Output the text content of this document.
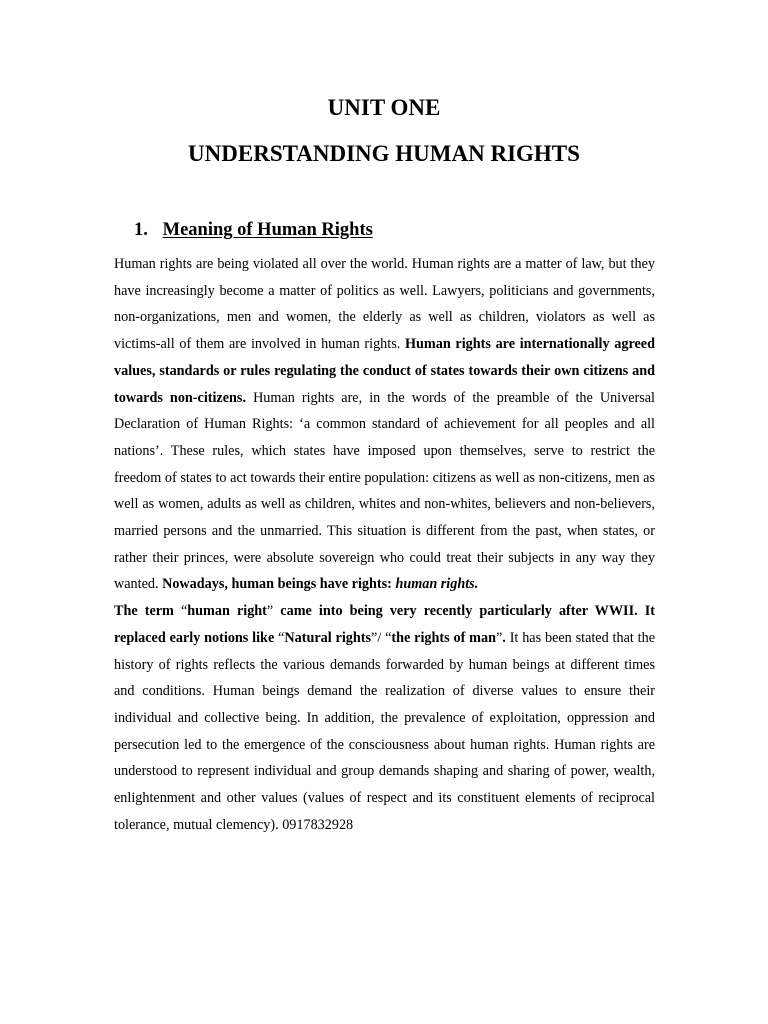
UNIT ONE
UNDERSTANDING HUMAN RIGHTS
1. Meaning of Human Rights

Human rights are being violated all over the world. Human rights are a matter of law, but they have increasingly become a matter of politics as well. Lawyers, politicians and governments, non-organizations, men and women, the elderly as well as children, violators as well as victims-all of them are involved in human rights. Human rights are internationally agreed values, standards or rules regulating the conduct of states towards their own citizens and towards non-citizens. Human rights are, in the words of the preamble of the Universal Declaration of Human Rights: ‘a common standard of achievement for all peoples and all nations’. These rules, which states have imposed upon themselves, serve to restrict the freedom of states to act towards their entire population: citizens as well as non-citizens, men as well as women, adults as well as children, whites and non-whites, believers and non-believers, married persons and the unmarried. This situation is different from the past, when states, or rather their princes, were absolute sovereign who could treat their subjects in any way they wanted. Nowadays, human beings have rights: human rights.

The term “human right” came into being very recently particularly after WWII. It replaced early notions like “Natural rights”/ “the rights of man”. It has been stated that the history of rights reflects the various demands forwarded by human beings at different times and conditions. Human beings demand the realization of diverse values to ensure their individual and collective being. In addition, the prevalence of exploitation, oppression and persecution led to the emergence of the consciousness about human rights. Human rights are understood to represent individual and group demands shaping and sharing of power, wealth, enlightenment and other values (values of respect and its constituent elements of reciprocal tolerance, mutual clemency). 0917832928
